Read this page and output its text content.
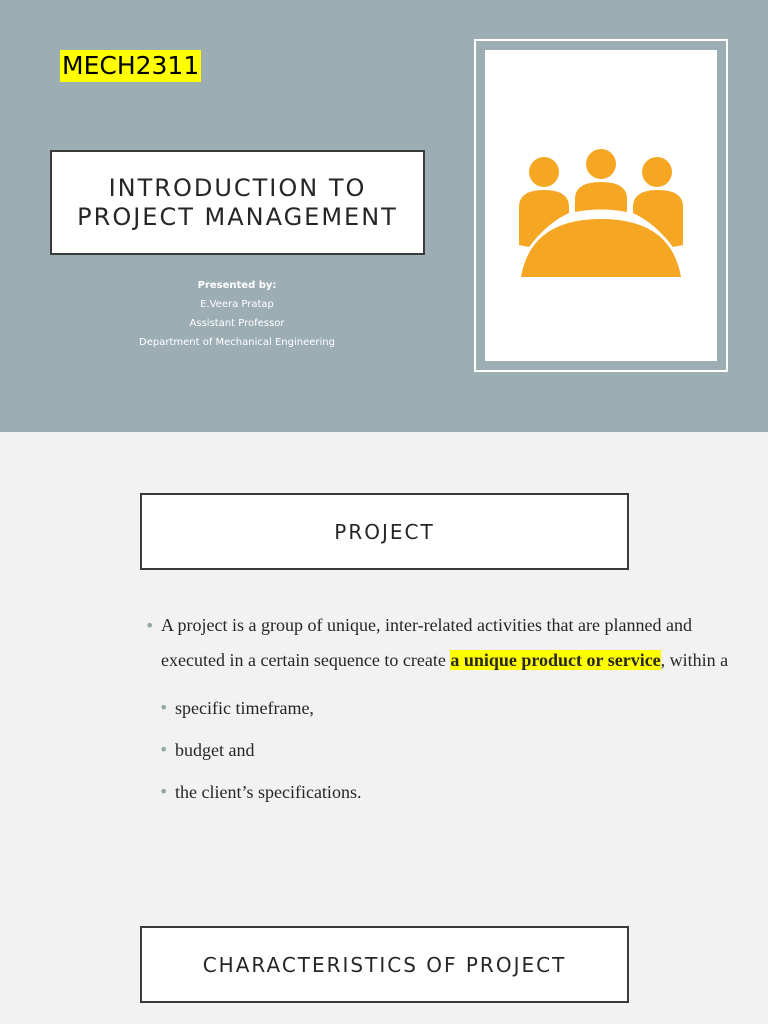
MECH2311
INTRODUCTION TO
PROJECT MANAGEMENT
Presented by:
E.Veera Pratap
Assistant Professor
Department of Mechanical Engineering
PROJECT
• A project is a group of unique, inter-related activities that are planned and executed in a certain sequence to create a unique product or service, within a
• specific timeframe,
• budget and
• the client’s specifications.
CHARACTERISTICS OF PROJECT
